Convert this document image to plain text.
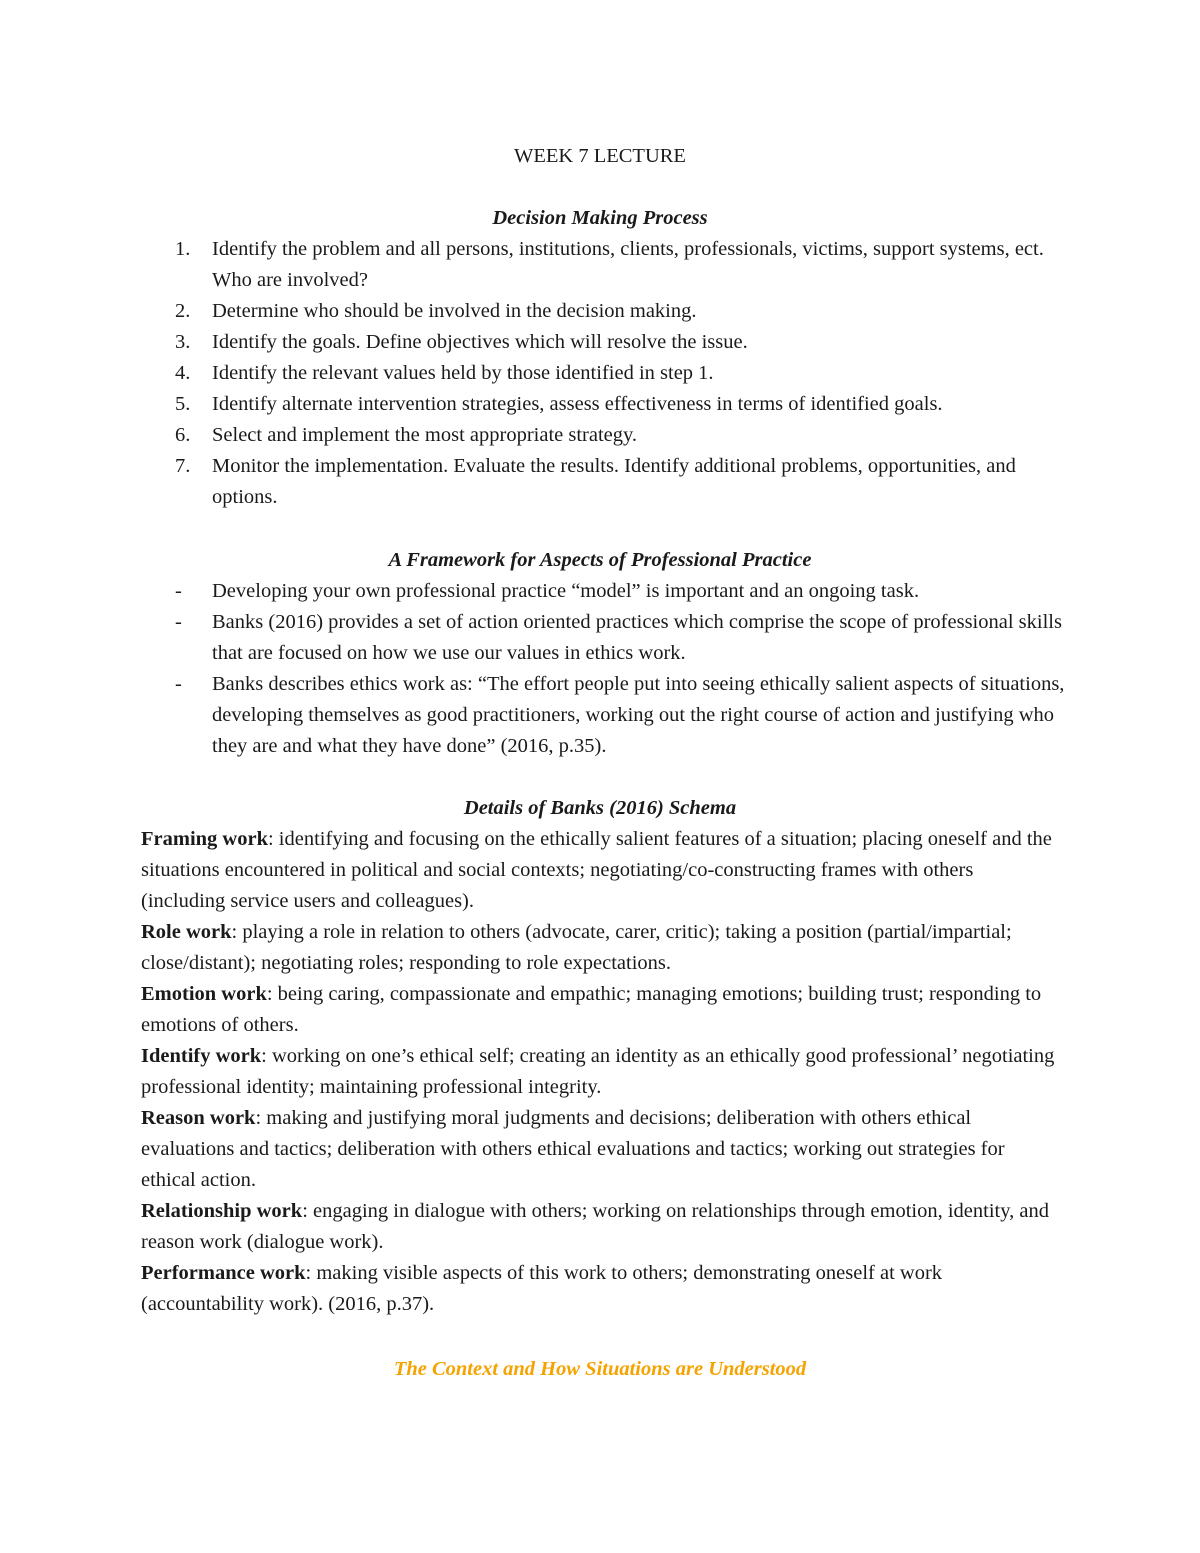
WEEK 7 LECTURE
Decision Making Process
1. Identify the problem and all persons, institutions, clients, professionals, victims, support systems, ect. Who are involved?
2. Determine who should be involved in the decision making.
3. Identify the goals. Define objectives which will resolve the issue.
4. Identify the relevant values held by those identified in step 1.
5. Identify alternate intervention strategies, assess effectiveness in terms of identified goals.
6. Select and implement the most appropriate strategy.
7. Monitor the implementation. Evaluate the results. Identify additional problems, opportunities, and options.
A Framework for Aspects of Professional Practice
- Developing your own professional practice “model” is important and an ongoing task.
- Banks (2016) provides a set of action oriented practices which comprise the scope of professional skills that are focused on how we use our values in ethics work.
- Banks describes ethics work as: “The effort people put into seeing ethically salient aspects of situations, developing themselves as good practitioners, working out the right course of action and justifying who they are and what they have done” (2016, p.35).
Details of Banks (2016) Schema

Framing work: identifying and focusing on the ethically salient features of a situation; placing oneself and the situations encountered in political and social contexts; negotiating/co-constructing frames with others (including service users and colleagues).

Role work: playing a role in relation to others (advocate, carer, critic); taking a position (partial/impartial; close/distant); negotiating roles; responding to role expectations.

Emotion work: being caring, compassionate and empathic; managing emotions; building trust; responding to emotions of others.

Identify work: working on one’s ethical self; creating an identity as an ethically good professional’ negotiating professional identity; maintaining professional integrity.

Reason work: making and justifying moral judgments and decisions; deliberation with others ethical evaluations and tactics; deliberation with others ethical evaluations and tactics; working out strategies for ethical action.

Relationship work: engaging in dialogue with others; working on relationships through emotion, identity, and reason work (dialogue work).

Performance work: making visible aspects of this work to others; demonstrating oneself at work (accountability work). (2016, p.37).

The Context and How Situations are Understood
